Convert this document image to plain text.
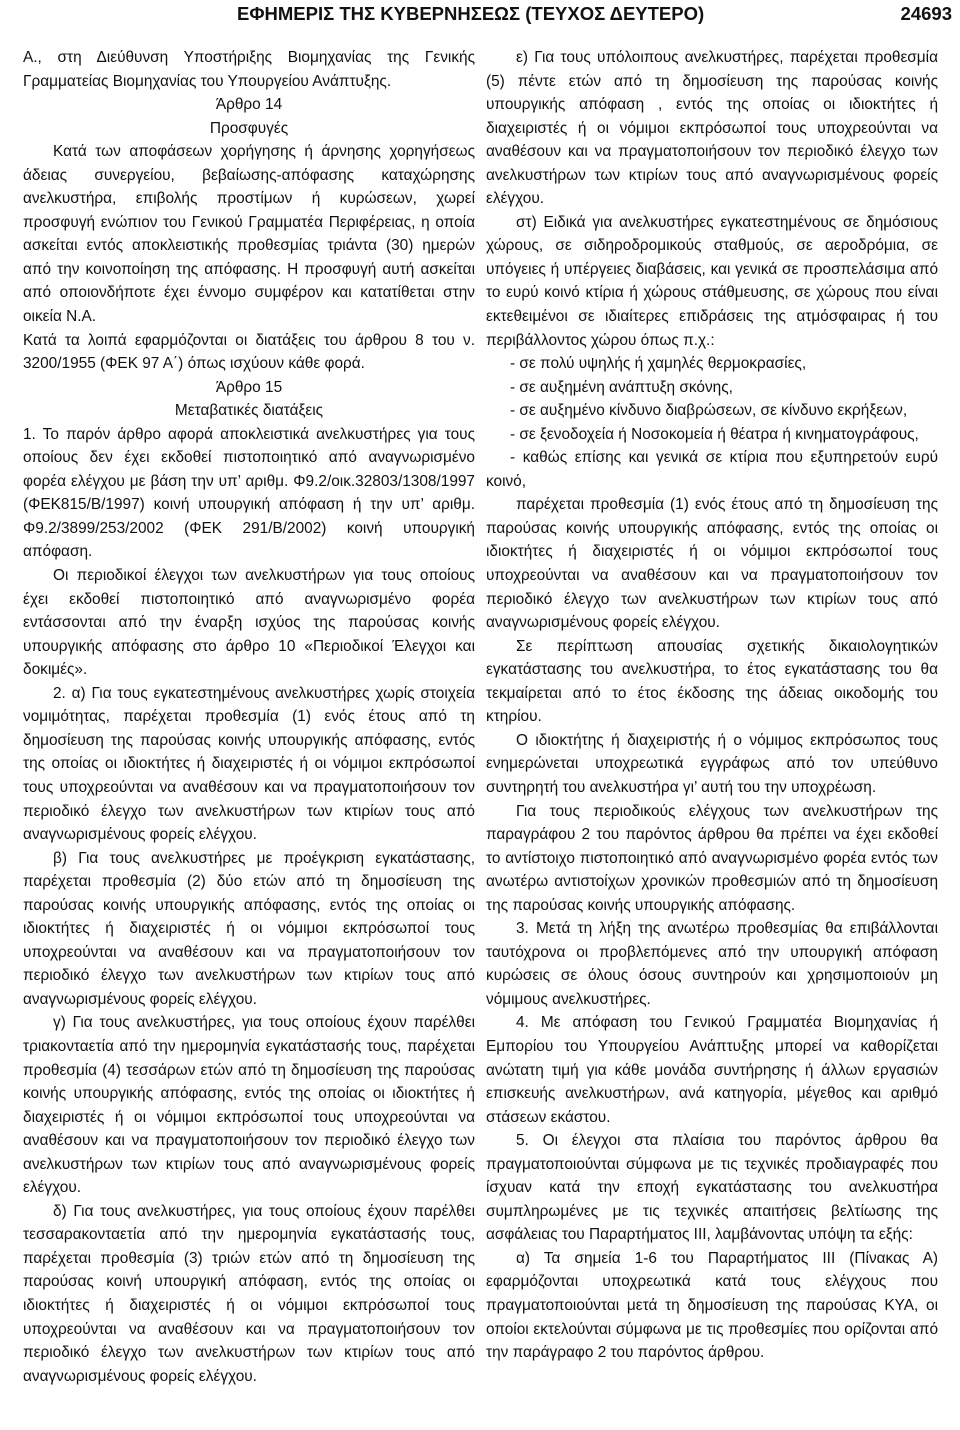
ΕΦΗΜΕΡΙΣ ΤΗΣ ΚΥΒΕΡΝΗΣΕΩΣ (ΤΕΥΧΟΣ ΔΕΥΤΕΡΟ)	24693

Α., στη Διεύθυνση Υποστήριξης Βιομηχανίας της Γενικής Γραμματείας Βιομηχανίας του Υπουργείου Ανάπτυξης.

Άρθρο 14

Προσφυγές

Κατά των αποφάσεων χορήγησης ή άρνησης χορηγήσεως άδειας συνεργείου, βεβαίωσης-απόφασης καταχώρησης ανελκυστήρα, επιβολής προστίμων ή κυρώσεων, χωρεί προσφυγή ενώπιον του Γενικού Γραμματέα Περιφέρειας, η οποία ασκείται εντός αποκλειστικής προθεσμίας τριάντα (30) ημερών από την κοινοποίηση της απόφασης. Η προσφυγή αυτή ασκείται από οποιονδήποτε έχει έννομο συμφέρον και κατατίθεται στην οικεία Ν.Α.

Κατά τα λοιπά εφαρμόζονται οι διατάξεις του άρθρου 8 του ν. 3200/1955 (ΦΕΚ 97 Α΄) όπως ισχύουν κάθε φορά.

Άρθρο 15

Μεταβατικές διατάξεις

1. Το παρόν άρθρο αφορά αποκλειστικά ανελκυστήρες για τους οποίους δεν έχει εκδοθεί πιστοποιητικό από αναγνωρισμένο φορέα ελέγχου με βάση την υπ’ αριθμ. Φ9.2/οικ.32803/1308/1997 (ΦΕΚ815/Β/1997) κοινή υπουργική απόφαση ή την υπ’ αριθμ. Φ9.2/3899/253/2002 (ΦΕΚ 291/Β/2002) κοινή υπουργική απόφαση.

Οι περιοδικοί έλεγχοι των ανελκυστήρων για τους οποίους έχει εκδοθεί πιστοποιητικό από αναγνωρισμένο φορέα εντάσσονται από την έναρξη ισχύος της παρούσας κοινής υπουργικής απόφασης στο άρθρο 10 «Περιοδικοί Έλεγχοι και δοκιμές».

2. α) Για τους εγκατεστημένους ανελκυστήρες χωρίς στοιχεία νομιμότητας, παρέχεται προθεσμία (1) ενός έτους από τη δημοσίευση της παρούσας κοινής υπουργικής απόφασης, εντός της οποίας οι ιδιοκτήτες ή διαχειριστές ή οι νόμιμοι εκπρόσωποί τους υποχρεούνται να αναθέσουν και να πραγματοποιήσουν τον περιοδικό έλεγχο των ανελκυστήρων των κτιρίων τους από αναγνωρισμένους φορείς ελέγχου.

β) Για τους ανελκυστήρες με προέγκριση εγκατάστασης, παρέχεται προθεσμία (2) δύο ετών από τη δημοσίευση της παρούσας κοινής υπουργικής απόφασης, εντός της οποίας οι ιδιοκτήτες ή διαχειριστές ή οι νόμιμοι εκπρόσωποί τους υποχρεούνται να αναθέσουν και να πραγματοποιήσουν τον περιοδικό έλεγχο των ανελκυστήρων των κτιρίων τους από αναγνωρισμένους φορείς ελέγχου.

γ) Για τους ανελκυστήρες, για τους οποίους έχουν παρέλθει τριακονταετία από την ημερομηνία εγκατάστασής τους, παρέχεται προθεσμία (4) τεσσάρων ετών από τη δημοσίευση της παρούσας κοινής υπουργικής απόφασης, εντός της οποίας οι ιδιοκτήτες ή διαχειριστές ή οι νόμιμοι εκπρόσωποί τους υποχρεούνται να αναθέσουν και να πραγματοποιήσουν τον περιοδικό έλεγχο των ανελκυστήρων των κτιρίων τους από αναγνωρισμένους φορείς ελέγχου.

δ) Για τους ανελκυστήρες, για τους οποίους έχουν παρέλθει τεσσαρακονταετία από την ημερομηνία εγκατάστασής τους, παρέχεται προθεσμία (3) τριών ετών από τη δημοσίευση της παρούσας κοινή υπουργική απόφαση, εντός της οποίας οι ιδιοκτήτες ή διαχειριστές ή οι νόμιμοι εκπρόσωποί τους υποχρεούνται να αναθέσουν και να πραγματοποιήσουν τον περιοδικό έλεγχο των ανελκυστήρων των κτιρίων τους από αναγνωρισμένους φορείς ελέγχου.

ε) Για τους υπόλοιπους ανελκυστήρες, παρέχεται προθεσμία (5) πέντε ετών από τη δημοσίευση της παρούσας κοινής υπουργικής απόφαση , εντός της οποίας οι ιδιοκτήτες ή διαχειριστές ή οι νόμιμοι εκπρόσωποί τους υποχρεούνται να αναθέσουν και να πραγματοποιήσουν τον περιοδικό έλεγχο των ανελκυστήρων των κτιρίων τους από αναγνωρισμένους φορείς ελέγχου.

στ) Ειδικά για ανελκυστήρες εγκατεστημένους σε δημόσιους χώρους, σε σιδηροδρομικούς σταθμούς, σε αεροδρόμια, σε υπόγειες ή υπέργειες διαβάσεις, και γενικά σε προσπελάσιμα από το ευρύ κοινό κτίρια ή χώρους στάθμευσης, σε χώρους που είναι εκτεθειμένοι σε ιδιαίτερες επιδράσεις της ατμόσφαιρας ή του περιβάλλοντος χώρου όπως π.χ.:

- σε πολύ υψηλής ή χαμηλές θερμοκρασίες,

- σε αυξημένη ανάπτυξη σκόνης,

- σε αυξημένο κίνδυνο διαβρώσεων, σε κίνδυνο εκρήξεων,

- σε ξενοδοχεία ή Νοσοκομεία ή θέατρα ή κινηματογράφους,

- καθώς επίσης και γενικά σε κτίρια που εξυπηρετούν ευρύ κοινό,

παρέχεται προθεσμία (1) ενός έτους από τη δημοσίευση της παρούσας κοινής υπουργικής απόφασης, εντός της οποίας οι ιδιοκτήτες ή διαχειριστές ή οι νόμιμοι εκπρόσωποί τους υποχρεούνται να αναθέσουν και να πραγματοποιήσουν τον περιοδικό έλεγχο των ανελκυστήρων των κτιρίων τους από αναγνωρισμένους φορείς ελέγχου.

Σε περίπτωση απουσίας σχετικής δικαιολογητικών εγκατάστασης του ανελκυστήρα, το έτος εγκατάστασης του θα τεκμαίρεται από το έτος έκδοσης της άδειας οικοδομής του κτηρίου.

Ο ιδιοκτήτης ή διαχειριστής ή ο νόμιμος εκπρόσωπος τους ενημερώνεται υποχρεωτικά εγγράφως από τον υπεύθυνο συντηρητή του ανελκυστήρα γι’ αυτή του την υποχρέωση.

Για τους περιοδικούς ελέγχους των ανελκυστήρων της παραγράφου 2 του παρόντος άρθρου θα πρέπει να έχει εκδοθεί το αντίστοιχο πιστοποιητικό από αναγνωρισμένο φορέα εντός των ανωτέρω αντιστοίχων χρονικών προθεσμιών από τη δημοσίευση της παρούσας κοινής υπουργικής απόφασης.

3. Μετά τη λήξη της ανωτέρω προθεσμίας θα επιβάλλονται ταυτόχρονα οι προβλεπόμενες από την υπουργική απόφαση κυρώσεις σε όλους όσους συντηρούν και χρησιμοποιούν μη νόμιμους ανελκυστήρες.

4. Με απόφαση του Γενικού Γραμματέα Βιομηχανίας ή Εμπορίου του Υπουργείου Ανάπτυξης μπορεί να καθορίζεται ανώτατη τιμή για κάθε μονάδα συντήρησης ή άλλων εργασιών επισκευής ανελκυστήρων, ανά κατηγορία, μέγεθος και αριθμό στάσεων εκάστου.

5. Οι έλεγχοι στα πλαίσια του παρόντος άρθρου θα πραγματοποιούνται σύμφωνα με τις τεχνικές προδιαγραφές που ίσχυαν κατά την εποχή εγκατάστασης του ανελκυστήρα συμπληρωμένες με τις τεχνικές απαιτήσεις βελτίωσης της ασφάλειας του Παραρτήματος III, λαμβάνοντας υπόψη τα εξής:

α) Τα σημεία 1-6 του Παραρτήματος III (Πίνακας Α) εφαρμόζονται υποχρεωτικά κατά τους ελέγχους που πραγματοποιούνται μετά τη δημοσίευση της παρούσας ΚΥΑ, οι οποίοι εκτελούνται σύμφωνα με τις προθεσμίες που ορίζονται από την παράγραφο 2 του παρόντος άρθρου.
